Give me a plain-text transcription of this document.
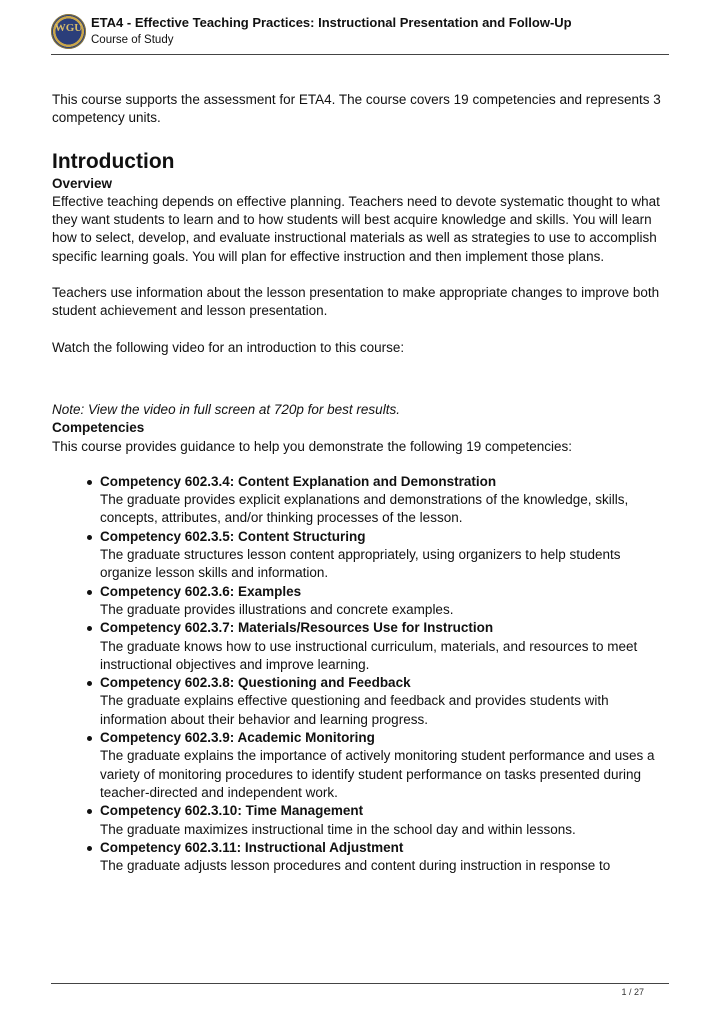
WGU ETA4 - Effective Teaching Practices: Instructional Presentation and Follow-Up
Course of Study

This course supports the assessment for ETA4. The course covers 19 competencies and represents 3 competency units.

Introduction

Overview

Effective teaching depends on effective planning. Teachers need to devote systematic thought to what they want students to learn and to how students will best acquire knowledge and skills. You will learn how to select, develop, and evaluate instructional materials as well as strategies to use to accomplish specific learning goals. You will plan for effective instruction and then implement those plans.

Teachers use information about the lesson presentation to make appropriate changes to improve both student achievement and lesson presentation.

Watch the following video for an introduction to this course:

Note: View the video in full screen at 720p for best results.

Competencies

This course provides guidance to help you demonstrate the following 19 competencies:

Competency 602.3.4: Content Explanation and Demonstration
The graduate provides explicit explanations and demonstrations of the knowledge, skills, concepts, attributes, and/or thinking processes of the lesson.
Competency 602.3.5: Content Structuring
The graduate structures lesson content appropriately, using organizers to help students organize lesson skills and information.
Competency 602.3.6: Examples
The graduate provides illustrations and concrete examples.
Competency 602.3.7: Materials/Resources Use for Instruction
The graduate knows how to use instructional curriculum, materials, and resources to meet instructional objectives and improve learning.
Competency 602.3.8: Questioning and Feedback
The graduate explains effective questioning and feedback and provides students with information about their behavior and learning progress.
Competency 602.3.9: Academic Monitoring
The graduate explains the importance of actively monitoring student performance and uses a variety of monitoring procedures to identify student performance on tasks presented during teacher-directed and independent work.
Competency 602.3.10: Time Management
The graduate maximizes instructional time in the school day and within lessons.
Competency 602.3.11: Instructional Adjustment
The graduate adjusts lesson procedures and content during instruction in response to
1 / 27
